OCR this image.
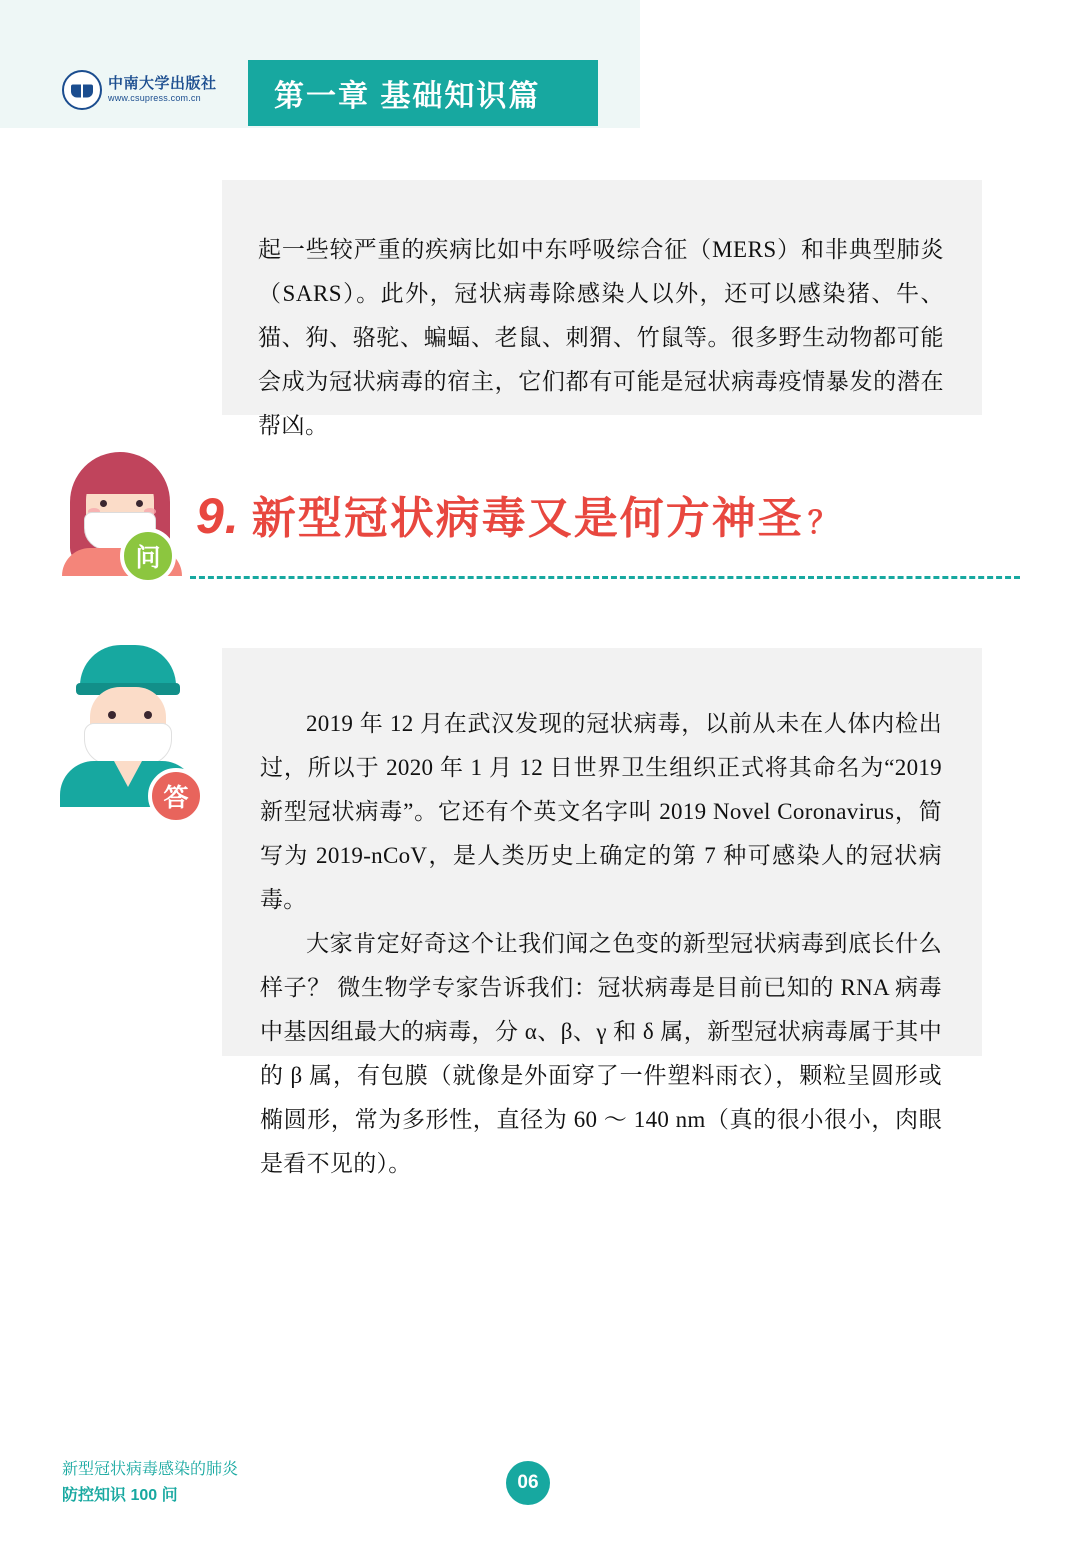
中南大学出版社
www.csupress.com.cn	第一章 基础知识篇

起一些较严重的疾病比如中东呼吸综合征（MERS）和非典型肺炎（SARS）。此外，冠状病毒除感染人以外，还可以感染猪、牛、猫、狗、骆驼、蝙蝠、老鼠、刺猬、竹鼠等。很多野生动物都可能会成为冠状病毒的宿主，它们都有可能是冠状病毒疫情暴发的潜在帮凶。

问
9. 新型冠状病毒又是何方神圣 ？
答

2019 年 12 月在武汉发现的冠状病毒，以前从未在人体内检出过，所以于 2020 年 1 月 12 日世界卫生组织正式将其命名为“2019 新型冠状病毒”。它还有个英文名字叫 2019 Novel Coronavirus，简写为 2019-nCoV，是人类历史上确定的第 7 种可感染人的冠状病毒。

大家肯定好奇这个让我们闻之色变的新型冠状病毒到底长什么样子？ 微生物学专家告诉我们：冠状病毒是目前已知的 RNA 病毒中基因组最大的病毒，分 α、β、γ 和 δ 属，新型冠状病毒属于其中的 β 属，有包膜（就像是外面穿了一件塑料雨衣），颗粒呈圆形或椭圆形，常为多形性，直径为 60 ～ 140 nm（真的很小很小，肉眼是看不见的）。

新型冠状病毒感染的肺炎
防控知识 100 问
06
